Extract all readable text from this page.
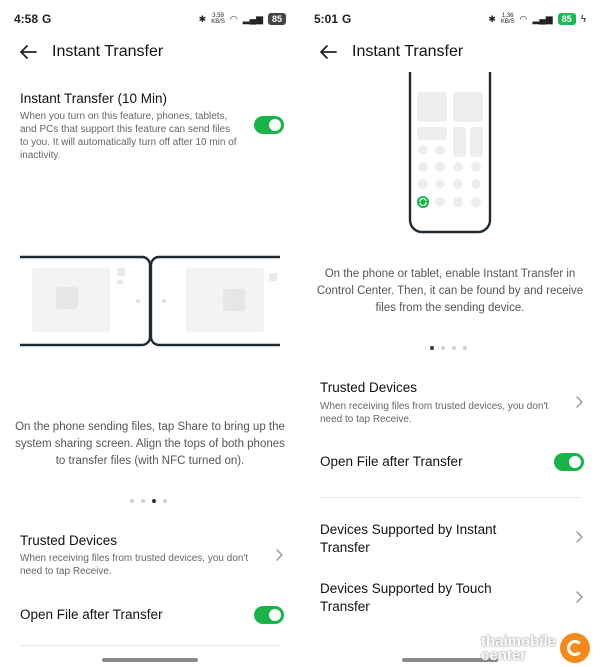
4:58 G	✱ 3.59
KB/S ◠ ▂▄▆ 85
Instant Transfer
Instant Transfer (10 Min)
When you turn on this feature, phones, tablets, and PCs that support this feature can send files to you. It will automatically turn off after 10 min of inactivity.
On the phone sending files, tap Share to bring up the system sharing screen. Align the tops of both phones to transfer files (with NFC turned on).
Trusted Devices
When receiving files from trusted devices, you don't need to tap Receive.
Open File after Transfer
5:01 G	✱ 1.36
KB/S ◠ ▂▄▆ 85 ϟ
Instant Transfer
On the phone or tablet, enable Instant Transfer in Control Center. Then, it can be found by and receive files from the sending device.
Trusted Devices
When receiving files from trusted devices, you don't need to tap Receive.
Open File after Transfer
Devices Supported by Instant Transfer
Devices Supported by Touch Transfer
thaimobile
center
